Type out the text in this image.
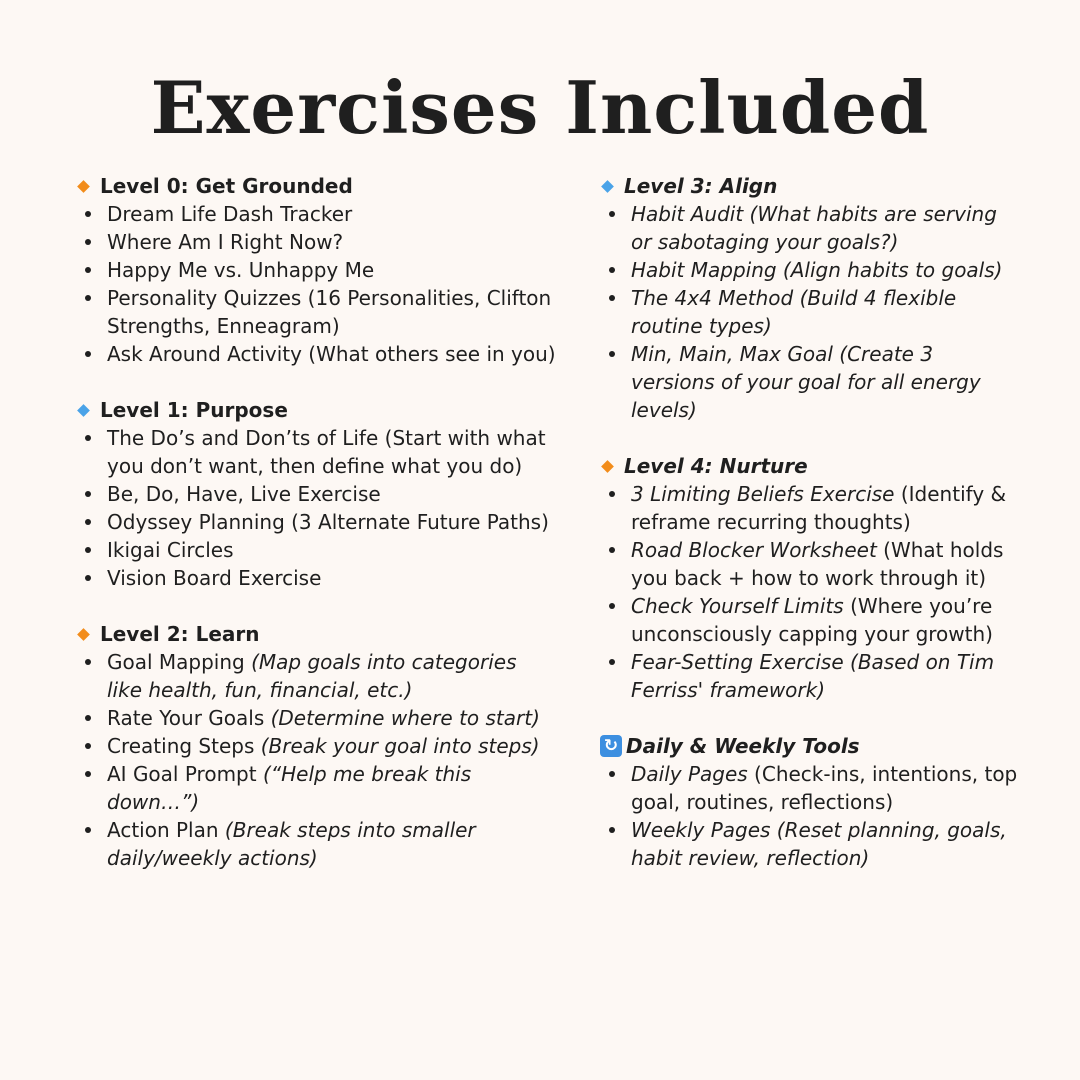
Exercises Included
Level 0: Get Grounded
Dream Life Dash Tracker
Where Am I Right Now?
Happy Me vs. Unhappy Me
Personality Quizzes (16 Personalities, Clifton Strengths, Enneagram)
Ask Around Activity (What others see in you)
Level 1: Purpose
The Do’s and Don’ts of Life (Start with what you don’t want, then define what you do)
Be, Do, Have, Live Exercise
Odyssey Planning (3 Alternate Future Paths)
Ikigai Circles
Vision Board Exercise
Level 2: Learn
Goal Mapping (Map goals into categories like health, fun, financial, etc.)
Rate Your Goals (Determine where to start)
Creating Steps (Break your goal into steps)
AI Goal Prompt (“Help me break this down…”)
Action Plan (Break steps into smaller daily/weekly actions)
Level 3: Align
Habit Audit (What habits are serving or sabotaging your goals?)
Habit Mapping (Align habits to goals)
The 4x4 Method (Build 4 flexible routine types)
Min, Main, Max Goal (Create 3 versions of your goal for all energy levels)
Level 4: Nurture
3 Limiting Beliefs Exercise (Identify & reframe recurring thoughts)
Road Blocker Worksheet (What holds you back + how to work through it)
Check Yourself Limits (Where you’re unconsciously capping your growth)
Fear-Setting Exercise (Based on Tim Ferriss' framework)
↻ Daily & Weekly Tools
Daily Pages (Check-ins, intentions, top goal, routines, reflections)
Weekly Pages (Reset planning, goals, habit review, reflection)
